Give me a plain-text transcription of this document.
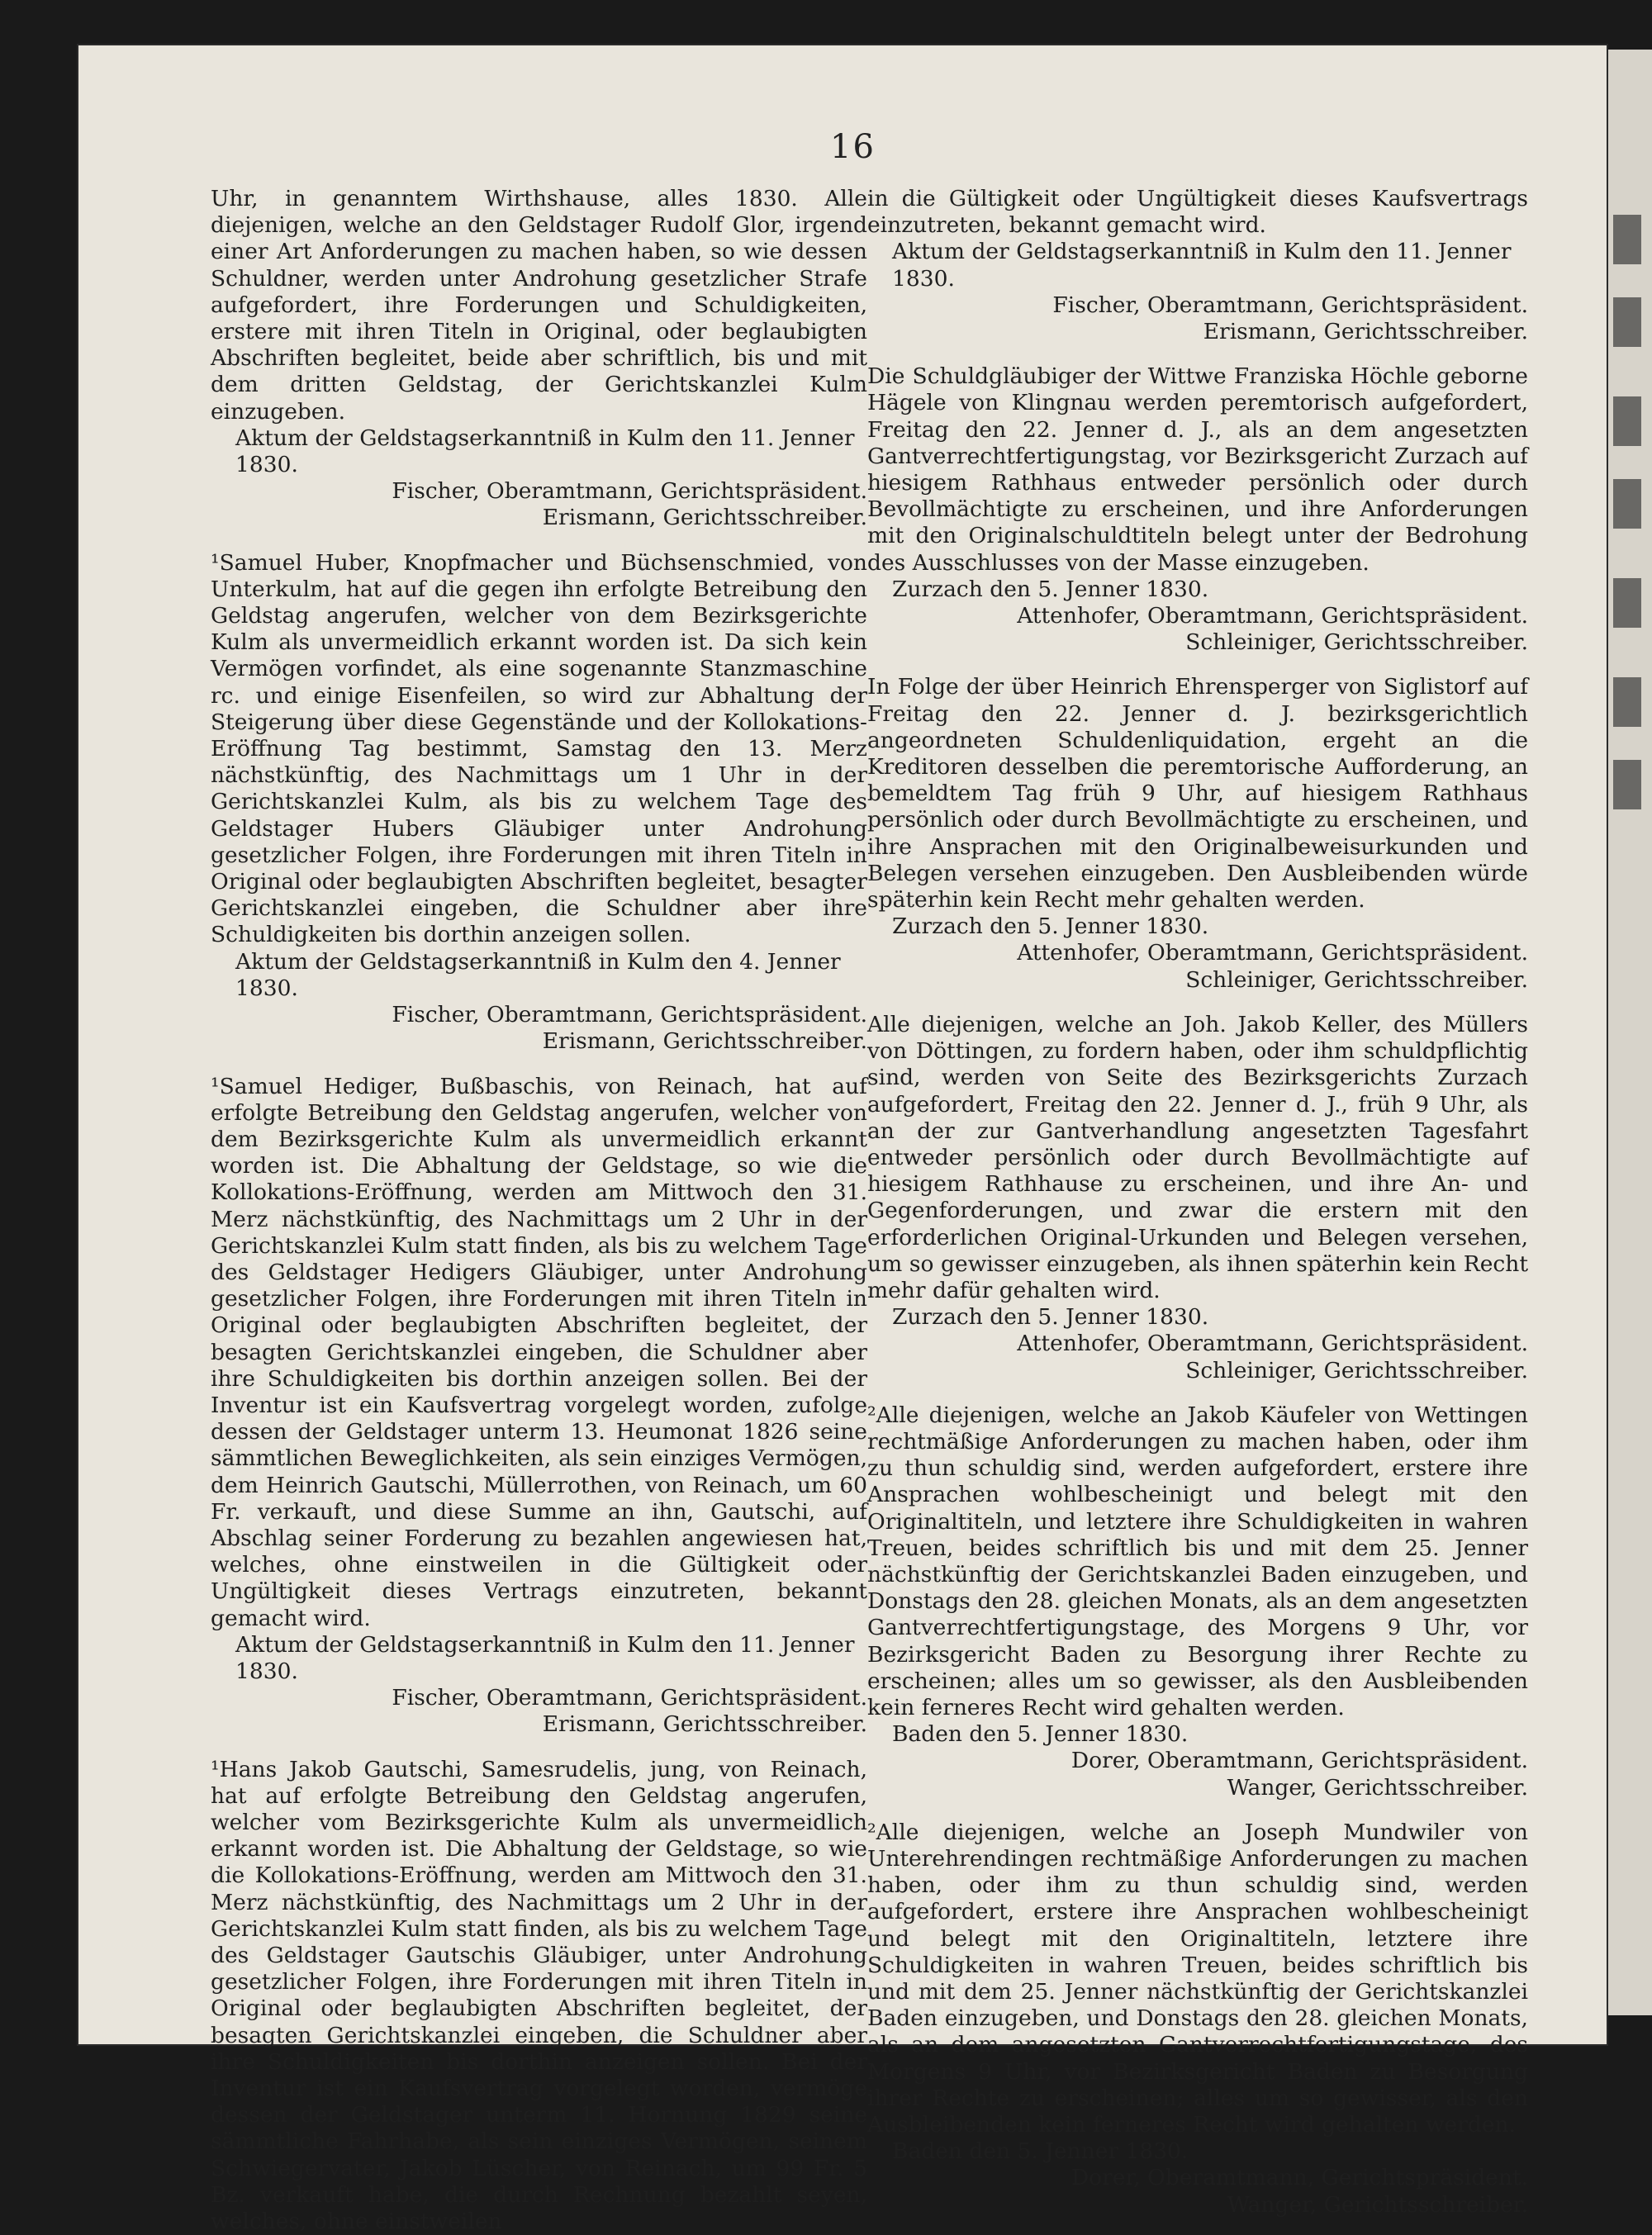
16

Uhr, in genanntem Wirthshause, alles 1830. Alle diejenigen, welche an den Geldstager Rudolf Glor, irgend einer Art Anforderungen zu machen haben, so wie dessen Schuldner, werden unter Androhung gesetzlicher Strafe aufgefordert, ihre Forderungen und Schuldigkeiten, erstere mit ihren Titeln in Original, oder beglaubigten Abschriften begleitet, beide aber schriftlich, bis und mit dem dritten Geldstag, der Gerichtskanzlei Kulm einzugeben.

Aktum der Geldstagserkanntniß in Kulm den 11. Jenner 1830.

Fischer, Oberamtmann, Gerichtspräsident.

Erismann, Gerichtsschreiber.

¹Samuel Huber, Knopfmacher und Büchsenschmied, von Unterkulm, hat auf die gegen ihn erfolgte Betreibung den Geldstag angerufen, welcher von dem Bezirksgerichte Kulm als unvermeidlich erkannt worden ist. Da sich kein Vermögen vorfindet, als eine sogenannte Stanzmaschine rc. und einige Eisenfeilen, so wird zur Abhaltung der Steigerung über diese Gegenstände und der Kollokations-Eröffnung Tag bestimmt, Samstag den 13. Merz nächstkünftig, des Nachmittags um 1 Uhr in der Gerichtskanzlei Kulm, als bis zu welchem Tage des Geldstager Hubers Gläubiger unter Androhung gesetzlicher Folgen, ihre Forderungen mit ihren Titeln in Original oder beglaubigten Abschriften begleitet, besagter Gerichtskanzlei eingeben, die Schuldner aber ihre Schuldigkeiten bis dorthin anzeigen sollen.

Aktum der Geldstagserkanntniß in Kulm den 4. Jenner 1830.

Fischer, Oberamtmann, Gerichtspräsident.

Erismann, Gerichtsschreiber.

¹Samuel Hediger, Bußbaschis, von Reinach, hat auf erfolgte Betreibung den Geldstag angerufen, welcher von dem Bezirksgerichte Kulm als unvermeidlich erkannt worden ist. Die Abhaltung der Geldstage, so wie die Kollokations-Eröffnung, werden am Mittwoch den 31. Merz nächstkünftig, des Nachmittags um 2 Uhr in der Gerichtskanzlei Kulm statt finden, als bis zu welchem Tage des Geldstager Hedigers Gläubiger, unter Androhung gesetzlicher Folgen, ihre Forderungen mit ihren Titeln in Original oder beglaubigten Abschriften begleitet, der besagten Gerichtskanzlei eingeben, die Schuldner aber ihre Schuldigkeiten bis dorthin anzeigen sollen. Bei der Inventur ist ein Kaufsvertrag vorgelegt worden, zufolge dessen der Geldstager unterm 13. Heumonat 1826 seine sämmtlichen Beweglichkeiten, als sein einziges Vermögen, dem Heinrich Gautschi, Müllerrothen, von Reinach, um 60 Fr. verkauft, und diese Summe an ihn, Gautschi, auf Abschlag seiner Forderung zu bezahlen angewiesen hat, welches, ohne einstweilen in die Gültigkeit oder Ungültigkeit dieses Vertrags einzutreten, bekannt gemacht wird.

Aktum der Geldstagserkanntniß in Kulm den 11. Jenner 1830.

Fischer, Oberamtmann, Gerichtspräsident.

Erismann, Gerichtsschreiber.

¹Hans Jakob Gautschi, Samesrudelis, jung, von Reinach, hat auf erfolgte Betreibung den Geldstag angerufen, welcher vom Bezirksgerichte Kulm als unvermeidlich erkannt worden ist. Die Abhaltung der Geldstage, so wie die Kollokations-Eröffnung, werden am Mittwoch den 31. Merz nächstkünftig, des Nachmittags um 2 Uhr in der Gerichtskanzlei Kulm statt finden, als bis zu welchem Tage des Geldstager Gautschis Gläubiger, unter Androhung gesetzlicher Folgen, ihre Forderungen mit ihren Titeln in Original oder beglaubigten Abschriften begleitet, der besagten Gerichtskanzlei eingeben, die Schuldner aber ihre Schuldigkeiten bis dorthin anzeigen sollen. Bei der Inventur ist ein Kaufsvertrag vorgelegt worden, vermöge dessen der Geldstager unterm 11. Hornung 1829 seine sämmtliche Fahrhabe, als sein einziges Vermögen, seinem Schwiegervater, Jakob Lüscher, von Reinach, um 99 Fr. 5 Bz. verkauft habe, die durch Rechnung bezahlt seyen, welches, ohne einstweilen

in die Gültigkeit oder Ungültigkeit dieses Kaufsvertrags einzutreten, bekannt gemacht wird.

Aktum der Geldstagserkanntniß in Kulm den 11. Jenner 1830.

Fischer, Oberamtmann, Gerichtspräsident.

Erismann, Gerichtsschreiber.

Die Schuldgläubiger der Wittwe Franziska Höchle geborne Hägele von Klingnau werden peremtorisch aufgefordert, Freitag den 22. Jenner d. J., als an dem angesetzten Gantverrechtfertigungstag, vor Bezirksgericht Zurzach auf hiesigem Rathhaus entweder persönlich oder durch Bevollmächtigte zu erscheinen, und ihre Anforderungen mit den Originalschuldtiteln belegt unter der Bedrohung des Ausschlusses von der Masse einzugeben.

Zurzach den 5. Jenner 1830.

Attenhofer, Oberamtmann, Gerichtspräsident.

Schleiniger, Gerichtsschreiber.

In Folge der über Heinrich Ehrensperger von Siglistorf auf Freitag den 22. Jenner d. J. bezirksgerichtlich angeordneten Schuldenliquidation, ergeht an die Kreditoren desselben die peremtorische Aufforderung, an bemeldtem Tag früh 9 Uhr, auf hiesigem Rathhaus persönlich oder durch Bevollmächtigte zu erscheinen, und ihre Ansprachen mit den Originalbeweisurkunden und Belegen versehen einzugeben. Den Ausbleibenden würde späterhin kein Recht mehr gehalten werden.

Zurzach den 5. Jenner 1830.

Attenhofer, Oberamtmann, Gerichtspräsident.

Schleiniger, Gerichtsschreiber.

Alle diejenigen, welche an Joh. Jakob Keller, des Müllers von Döttingen, zu fordern haben, oder ihm schuldpflichtig sind, werden von Seite des Bezirksgerichts Zurzach aufgefordert, Freitag den 22. Jenner d. J., früh 9 Uhr, als an der zur Gantverhandlung angesetzten Tagesfahrt entweder persönlich oder durch Bevollmächtigte auf hiesigem Rathhause zu erscheinen, und ihre An- und Gegenforderungen, und zwar die erstern mit den erforderlichen Original-Urkunden und Belegen versehen, um so gewisser einzugeben, als ihnen späterhin kein Recht mehr dafür gehalten wird.

Zurzach den 5. Jenner 1830.

Attenhofer, Oberamtmann, Gerichtspräsident.

Schleiniger, Gerichtsschreiber.

²Alle diejenigen, welche an Jakob Käufeler von Wettingen rechtmäßige Anforderungen zu machen haben, oder ihm zu thun schuldig sind, werden aufgefordert, erstere ihre Ansprachen wohlbescheinigt und belegt mit den Originaltiteln, und letztere ihre Schuldigkeiten in wahren Treuen, beides schriftlich bis und mit dem 25. Jenner nächstkünftig der Gerichtskanzlei Baden einzugeben, und Donstags den 28. gleichen Monats, als an dem angesetzten Gantverrechtfertigungstage, des Morgens 9 Uhr, vor Bezirksgericht Baden zu Besorgung ihrer Rechte zu erscheinen; alles um so gewisser, als den Ausbleibenden kein ferneres Recht wird gehalten werden.

Baden den 5. Jenner 1830.

Dorer, Oberamtmann, Gerichtspräsident.

Wanger, Gerichtsschreiber.

²Alle diejenigen, welche an Joseph Mundwiler von Unterehrendingen rechtmäßige Anforderungen zu machen haben, oder ihm zu thun schuldig sind, werden aufgefordert, erstere ihre Ansprachen wohlbescheinigt und belegt mit den Originaltiteln, letztere ihre Schuldigkeiten in wahren Treuen, beides schriftlich bis und mit dem 25. Jenner nächstkünftig der Gerichtskanzlei Baden einzugeben, und Donstags den 28. gleichen Monats, als an dem angesetzten Gantverrechtfertigungstage, des Morgens 9 Uhr, vor Bezirksgericht Baden zu Besorgung ihrer Rechte zu erscheinen; alles um so gewisser, als den Ausbleibenden kein ferneres Recht wird gehalten werden.

Baden den 5. Jenner 1830.

Dorer, Oberamtmann, Gerichtspräsident.

Wanger, Gerichtsschreiber.
